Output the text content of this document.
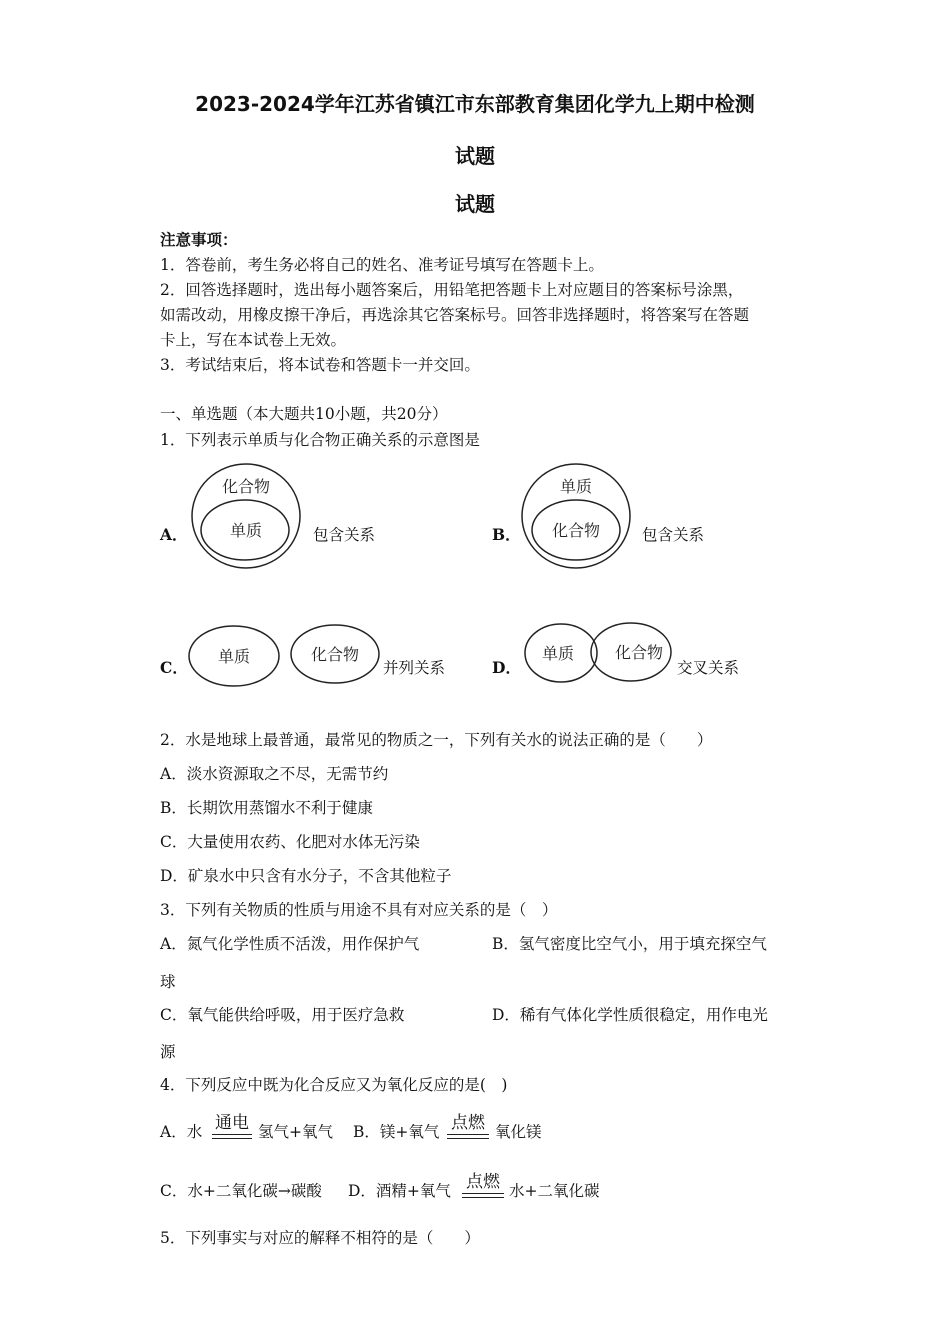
2023-2024学年江苏省镇江市东部教育集团化学九上期中检测
试题
试题
注意事项：
1．答卷前，考生务必将自己的姓名、准考证号填写在答题卡上。
2．回答选择题时，选出每小题答案后，用铅笔把答题卡上对应题目的答案标号涂黑，
如需改动，用橡皮擦干净后，再选涂其它答案标号。回答非选择题时，将答案写在答题
卡上，写在本试卷上无效。
3．考试结束后，将本试卷和答题卡一并交回。
一、单选题（本大题共10小题，共20分）
1．下列表示单质与化合物正确关系的示意图是
A．
化合物
单质	包含关系	B．
单质
化合物	包含关系
C．
单质	化合物
并列关系	D．
单质	化合物
交叉关系
2．水是地球上最普通，最常见的物质之一，下列有关水的说法正确的是（　　）
A．淡水资源取之不尽，无需节约
B．长期饮用蒸馏水不利于健康
C．大量使用农药、化肥对水体无污染
D．矿泉水中只含有水分子，不含其他粒子
3．下列有关物质的性质与用途不具有对应关系的是（　）
A．氮气化学性质不活泼，用作保护气	B．氢气密度比空气小，用于填充探空气
球
C．氧气能供给呼吸，用于医疗急救	D．稀有气体化学性质很稳定，用作电光
源
4．下列反应中既为化合反应又为氧化反应的是(　)
A．水 通电 氢气+氧气 B．镁+氧气 点燃 氧化镁
C．水+二氧化碳→碳酸 D．酒精+氧气 点燃 水+二氧化碳
5．下列事实与对应的解释不相符的是（　　）
